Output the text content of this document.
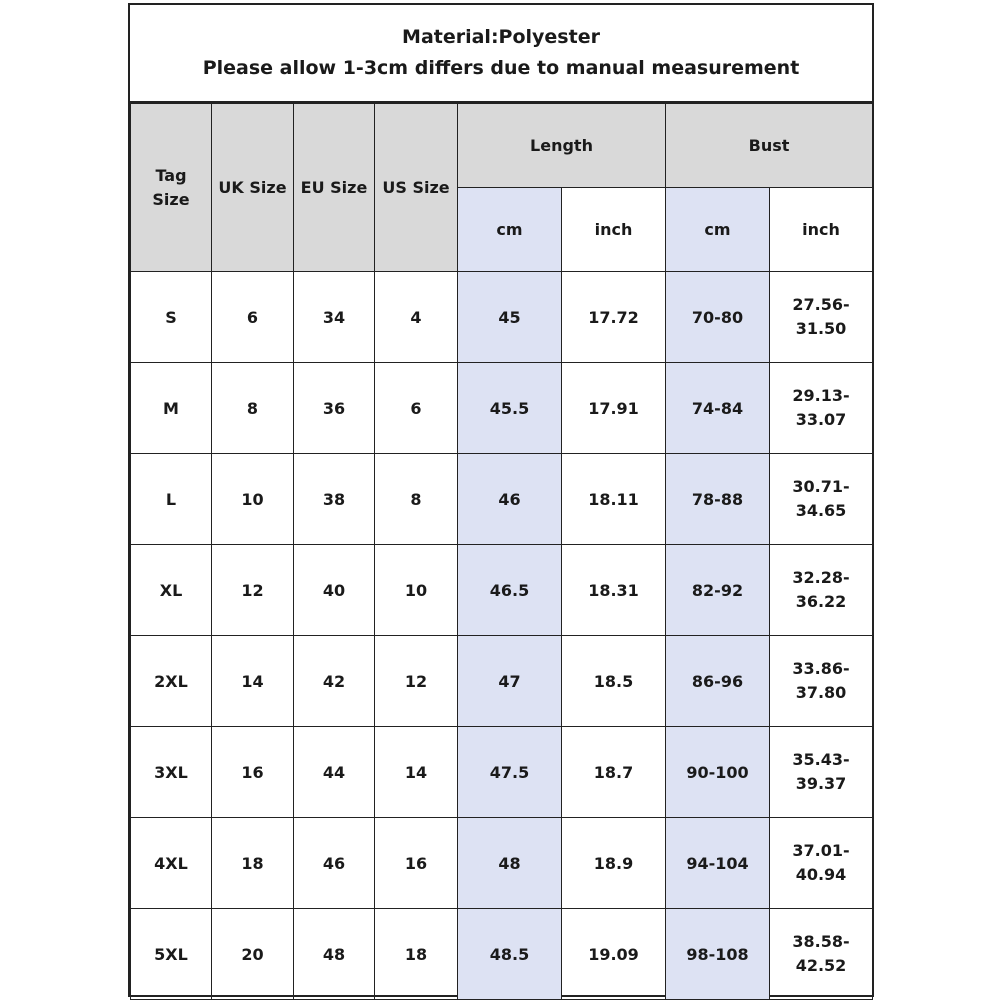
Material:Polyester
Please allow 1-3cm differs due to manual measurement
Tag
Size	UK Size	EU Size	US Size	Length		Bust	
				cm	inch	cm	inch
S	6	34	4	45	17.72	70-80	27.56-
31.50
M	8	36	6	45.5	17.91	74-84	29.13-
33.07
L	10	38	8	46	18.11	78-88	30.71-
34.65
XL	12	40	10	46.5	18.31	82-92	32.28-
36.22
2XL	14	42	12	47	18.5	86-96	33.86-
37.80
3XL	16	44	14	47.5	18.7	90-100	35.43-
39.37
4XL	18	46	16	48	18.9	94-104	37.01-
40.94
5XL	20	48	18	48.5	19.09	98-108	38.58-
42.52
